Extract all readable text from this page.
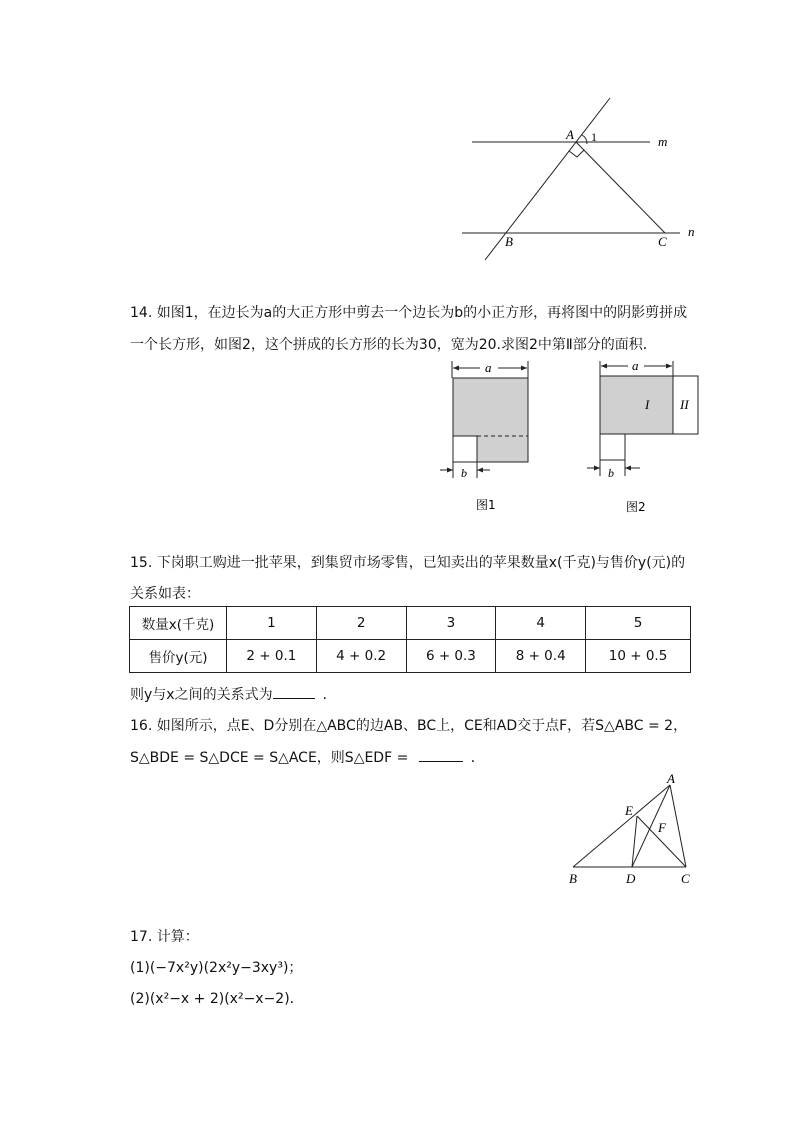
A 1	m
B	C
n
14. 如图1，在边长为a的大正方形中剪去一个边长为b的小正方形，再将图中的阴影剪拼成
一个长方形，如图2，这个拼成的长方形的长为30，宽为20.求图2中第Ⅱ部分的面积．
a
b
图1
a
I II
b
图2
15. 下岗职工购进一批苹果，到集贸市场零售，已知卖出的苹果数量x(千克)与售价y(元)的
关系如表：
数量x(千克)	1	2	3	4	5
售价y(元)	2 + 0.1	4 + 0.2	6 + 0.3	8 + 0.4	10 + 0.5
则y与x之间的关系式为	．
16. 如图所示，点E、D分别在△ABC的边AB、BC上，CE和AD交于点F，若S△ABC = 2，
S△BDE = S△DCE = S△ACE，则S△EDF =	．
A
E
F
B	D	C
17. 计算：
(1)(−7x²y)(2x²y−3xy³)；
(2)(x²−x + 2)(x²−x−2)．
